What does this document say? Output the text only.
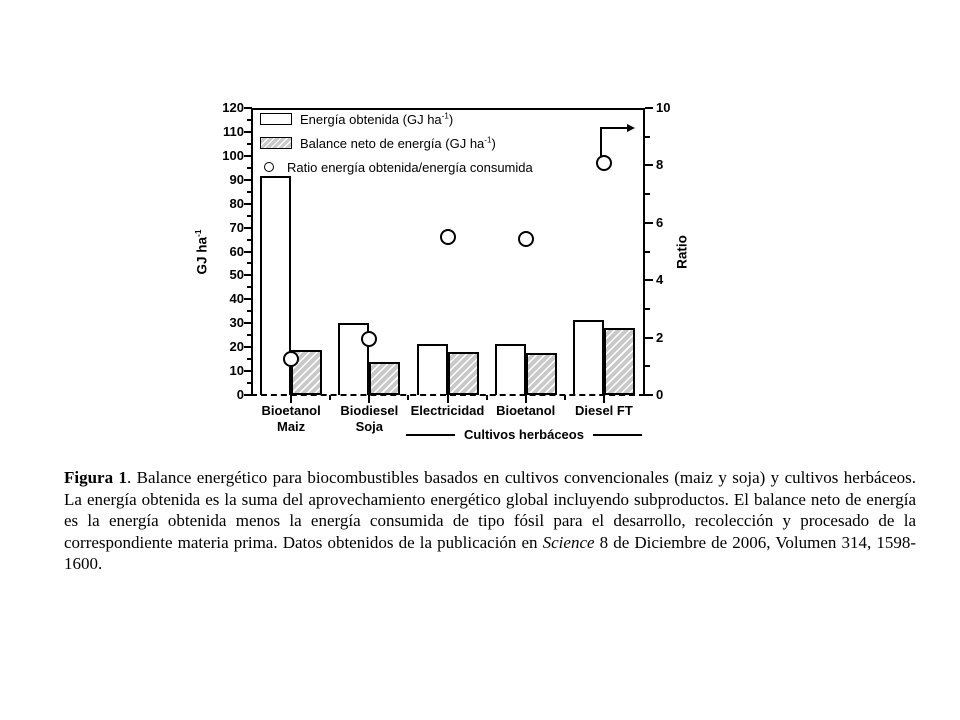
Energía obtenida (GJ $ha^{-1}$)
Balance neto de energía (GJ $ha^{-1}$)
Ratio energía obtenida/energía consumida
GJ $ha^{-1}$
Ratio
Cultivos herbáceos
0
10
20
30
40
50
60
70
80
90
100
110
120
0
2
4
6
8
10
Bioetanol
Maiz
Biodiesel
Soja
Electricidad Bioetanol	Diesel FT
Figura 1. Balance energético para biocombustibles basados en cultivos convencionales (maiz y soja) y cultivos herbáceos. La energía obtenida es la suma del aprovechamiento energético global incluyendo subproductos. El balance neto de energía es la energía obtenida menos la energía consumida de tipo fósil para el desarrollo, recolección y procesado de la correspondiente materia prima. Datos obtenidos de la publicación en Science 8 de Diciembre de 2006, Volumen 314, 1598-1600.
